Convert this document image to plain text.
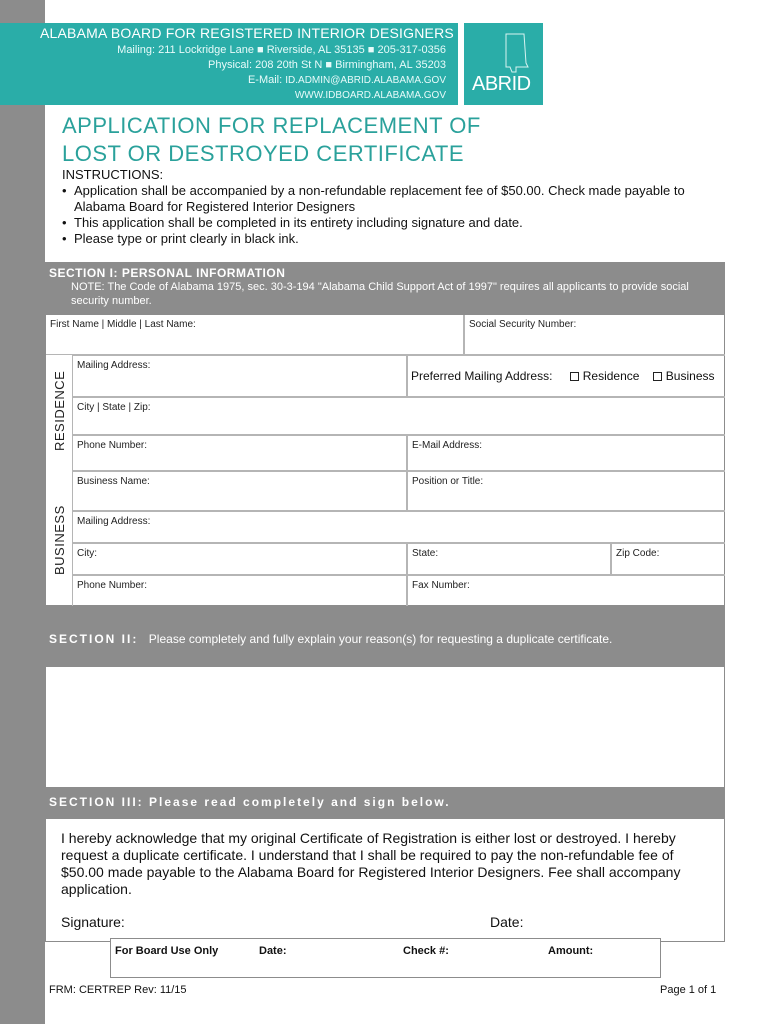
ALABAMA BOARD FOR REGISTERED INTERIOR DESIGNERS
Mailing: 211 Lockridge Lane ■ Riverside, AL 35135 ■ 205-317-0356
Physical: 208 20th St N ■ Birmingham, AL 35203
E-Mail: ID.ADMIN@ABRID.ALABAMA.GOV
WWW.IDBOARD.ALABAMA.GOV
ABRID
APPLICATION FOR REPLACEMENT OF
LOST OR DESTROYED CERTIFICATE
INSTRUCTIONS:
• Application shall be accompanied by a non-refundable replacement fee of $50.00. Check made payable to Alabama Board for Registered Interior Designers
• This application shall be completed in its entirety including signature and date.
• Please type or print clearly in black ink.
SECTION I: PERSONAL INFORMATION
NOTE: The Code of Alabama 1975, sec. 30-3-194 "Alabama Child Support Act of 1997" requires all applicants to provide social security number.
First Name | Middle | Last Name:	Social Security Number:
RESIDENCE
Mailing Address:
Preferred Mailing Address:	Residence Business
City | State | Zip:
Phone Number:	E-Mail Address:
BUSINESS
Business Name:	Position or Title:
Mailing Address:
City:	State:	Zip Code:
Phone Number:	Fax Number:
SECTION II: Please completely and fully explain your reason(s) for requesting a duplicate certificate.
SECTION III: Please read completely and sign below.
I hereby acknowledge that my original Certificate of Registration is either lost or destroyed. I hereby request a duplicate certificate. I understand that I shall be required to pay the non-refundable fee of $50.00 made payable to the Alabama Board for Registered Interior Designers. Fee shall accompany application.
Signature:	Date:
For Board Use Only	Date:	Check #:	Amount:
FRM: CERTREP Rev: 11/15	Page 1 of 1
